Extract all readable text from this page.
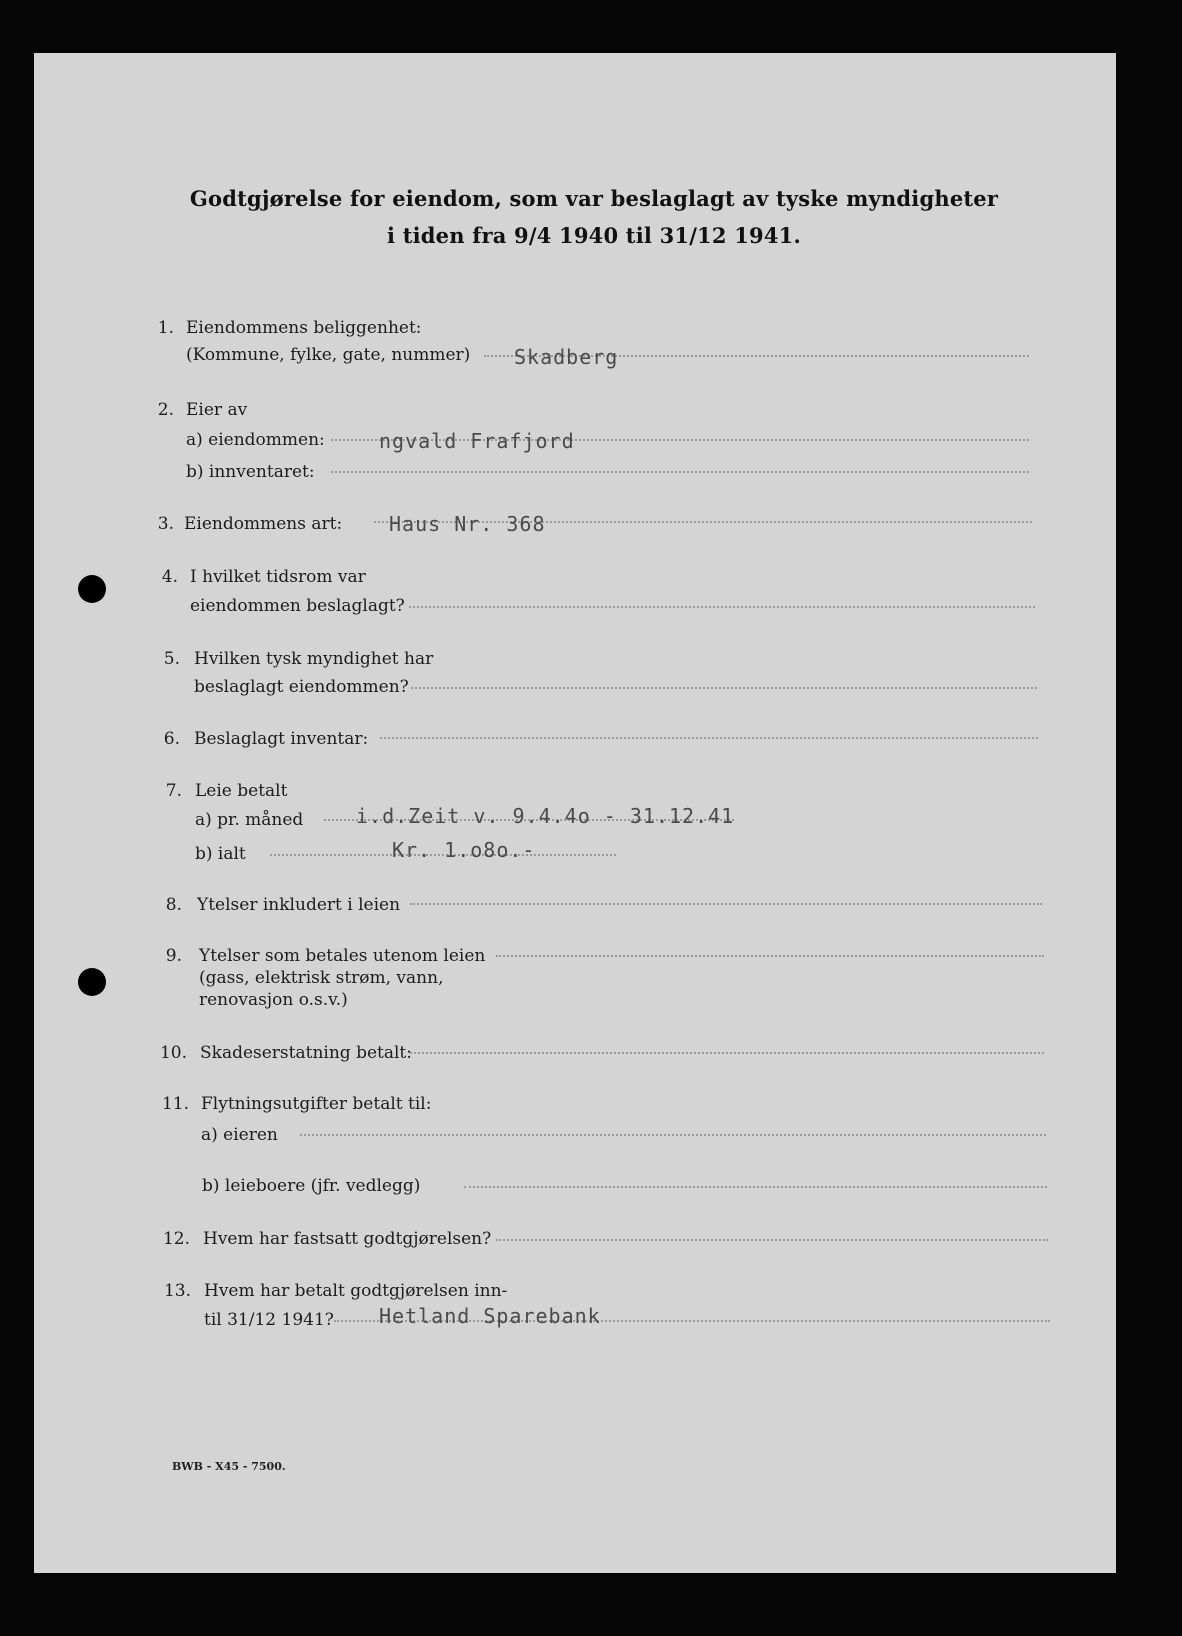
Godtgjørelse for eiendom, som var beslaglagt av tyske myndigheter
i tiden fra 9/4 1940 til 31/12 1941.
1. Eiendommens beliggenhet:
(Kommune, fylke, gate, nummer) Skadberg
2. Eier av
a) eiendommen:	ngvald Frafjord
b) innventaret:
3. Eiendommens art: Haus Nr. 368
4. I hvilket tidsrom var
eiendommen beslaglagt?
5. Hvilken tysk myndighet har
beslaglagt eiendommen?
6. Beslaglagt inventar:
7. Leie betalt
a) pr. måned	i.d.Zeit v. 9.4.4o - 31.12.41
b) ialt	Kr. 1.o8o.-
8. Ytelser inkludert i leien
9. Ytelser som betales utenom leien
(gass, elektrisk strøm, vann,
renovasjon o.s.v.)
10. Skadeserstatning betalt:
11. Flytningsutgifter betalt til:
a) eieren
b) leieboere (jfr. vedlegg)
12. Hvem har fastsatt godtgjørelsen?
13. Hvem har betalt godtgjørelsen inn-
til 31/12 1941? Hetland Sparebank
BWB - X45 - 7500.
